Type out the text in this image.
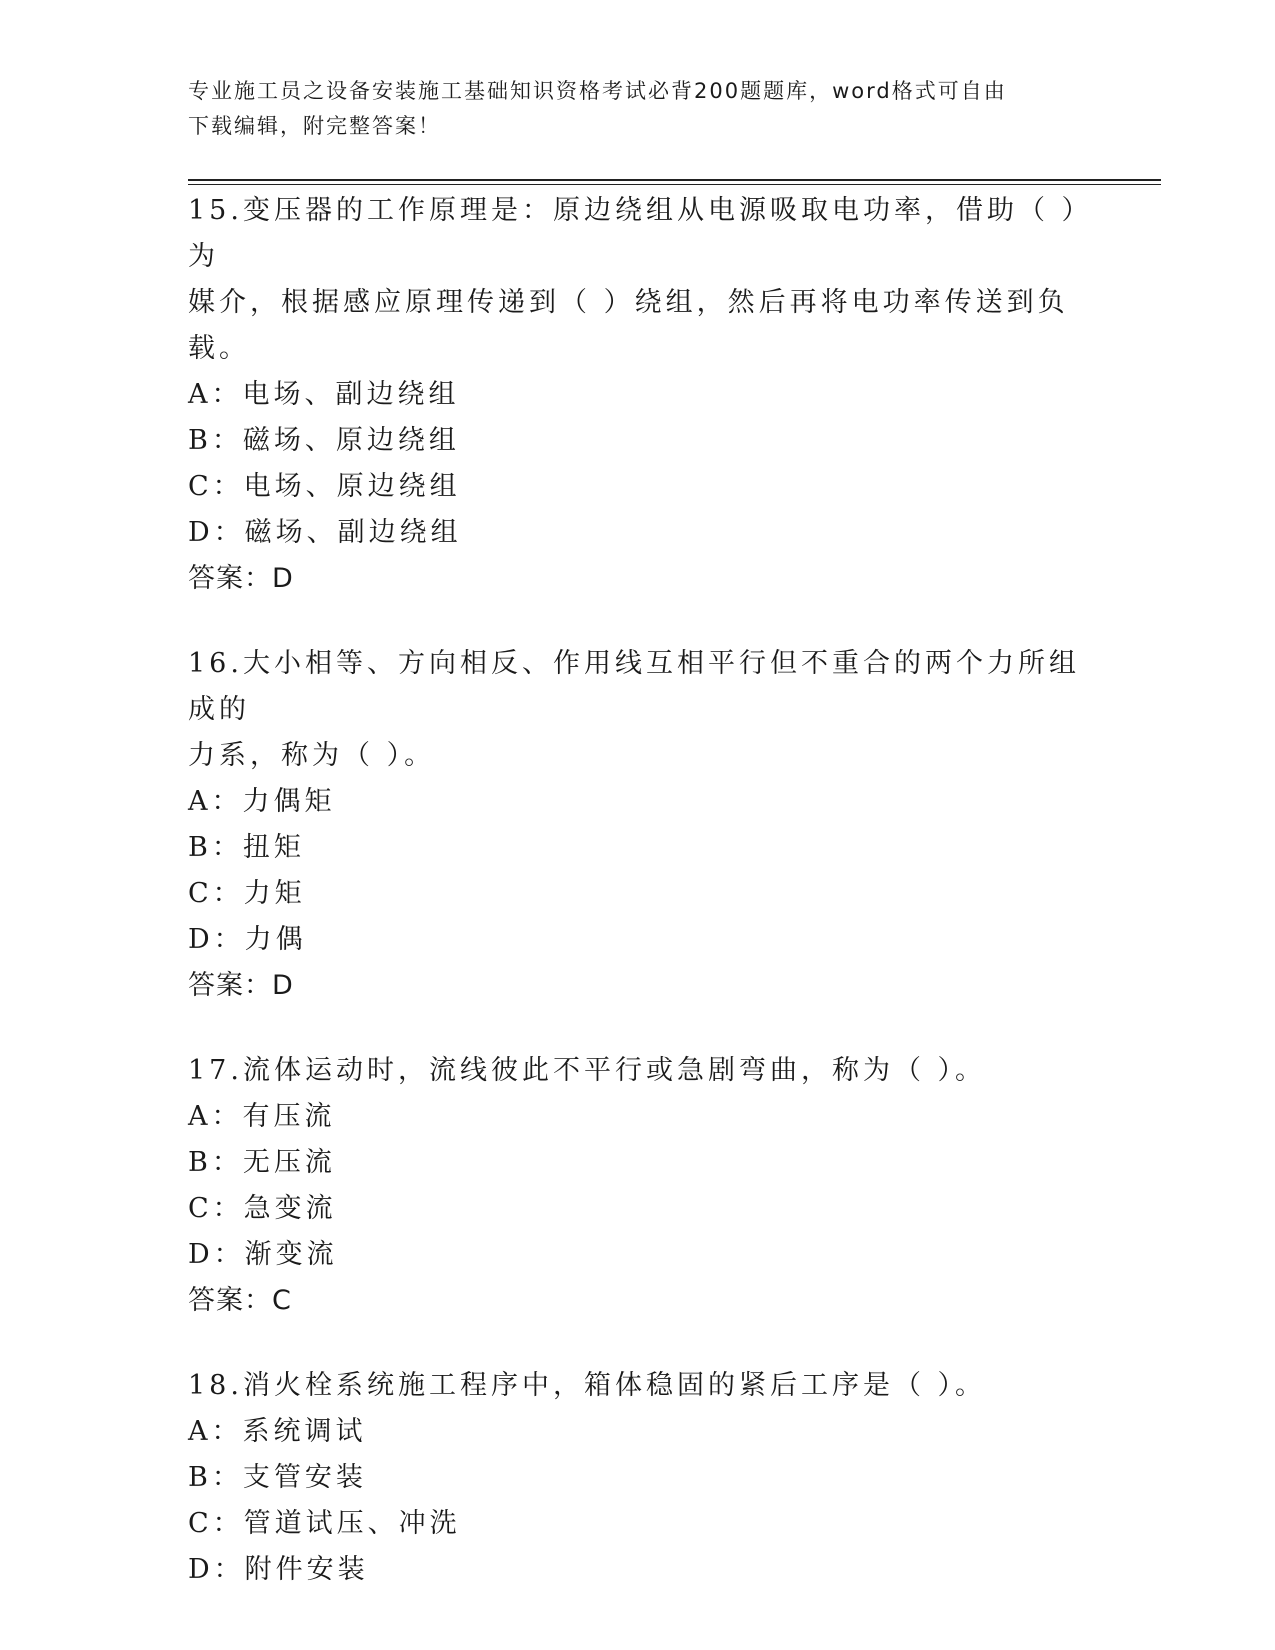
专业施工员之设备安装施工基础知识资格考试必背200题题库，word格式可自由
下载编辑，附完整答案！

15.变压器的工作原理是：原边绕组从电源吸取电功率，借助（ ）为
媒介，根据感应原理传递到（ ）绕组，然后再将电功率传送到负载。

A：电场、副边绕组

B：磁场、原边绕组

C：电场、原边绕组

D：磁场、副边绕组

答案：D

16.大小相等、方向相反、作用线互相平行但不重合的两个力所组成的
力系，称为（ ）。

A：力偶矩

B：扭矩

C：力矩

D：力偶

答案：D

17.流体运动时，流线彼此不平行或急剧弯曲，称为（ ）。

A：有压流

B：无压流

C：急变流

D：渐变流

答案：C

18.消火栓系统施工程序中，箱体稳固的紧后工序是（ ）。

A：系统调试

B：支管安装

C：管道试压、冲洗

D：附件安装
